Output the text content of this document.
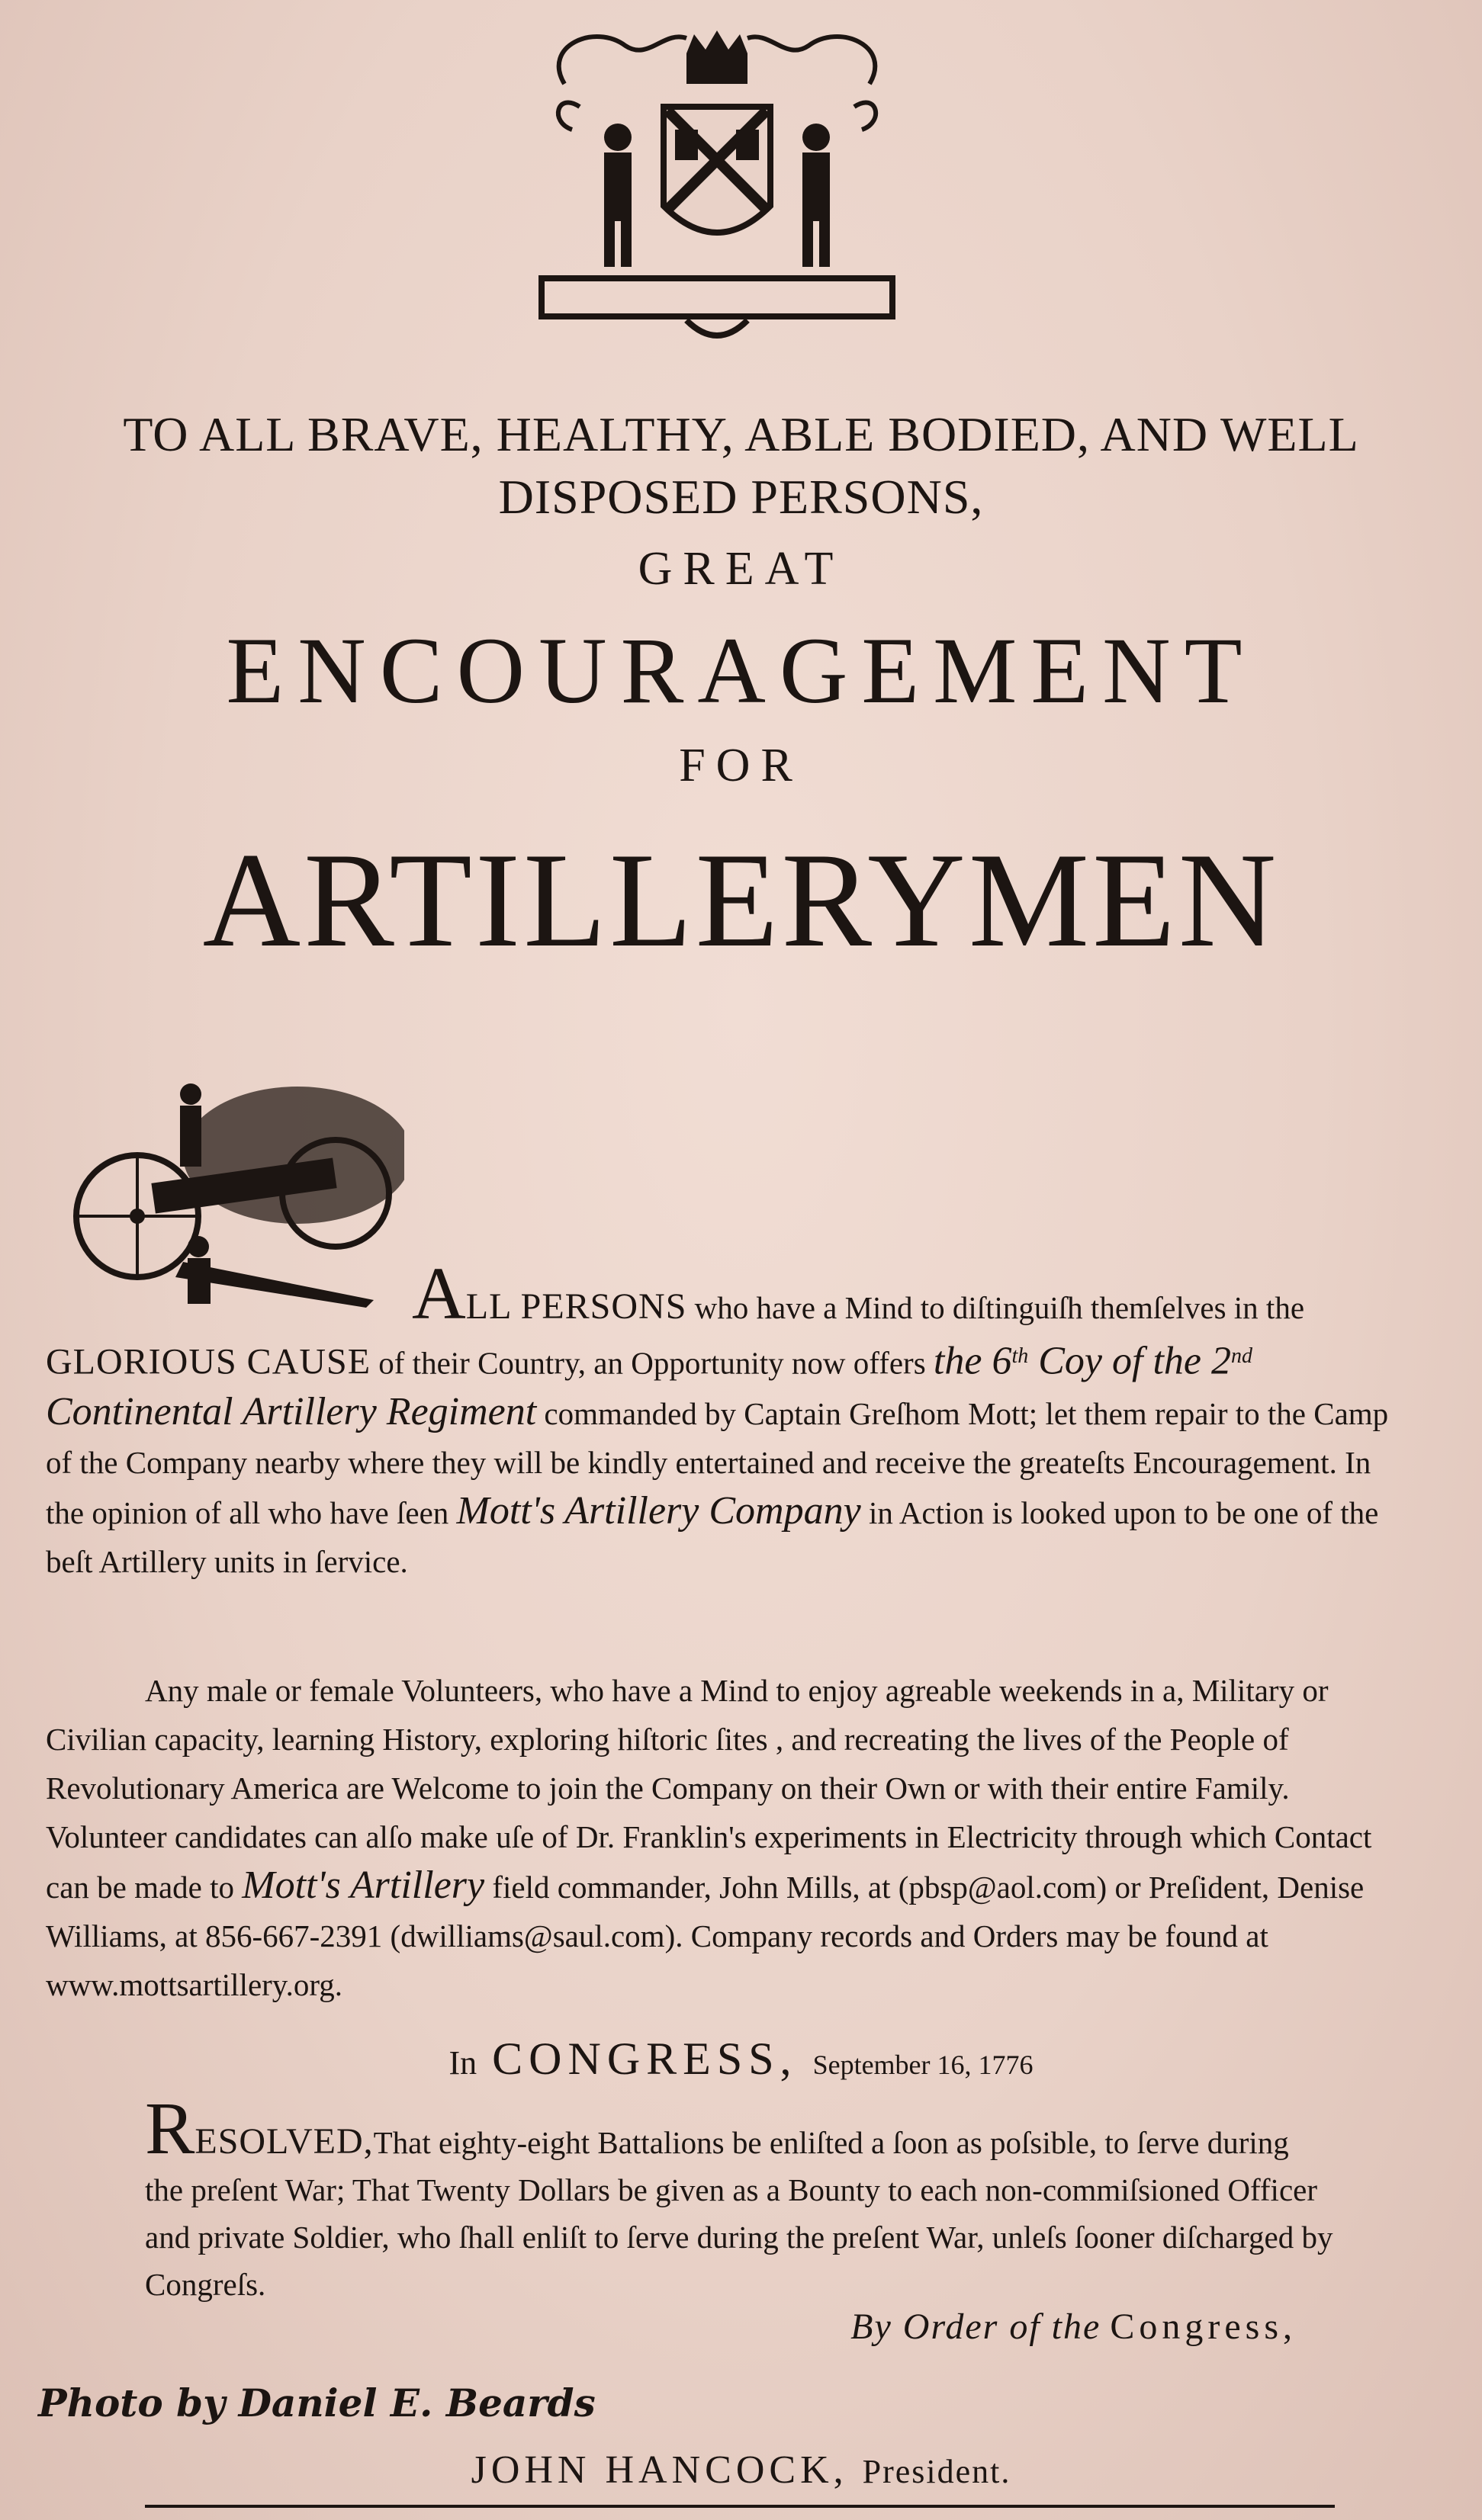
TO ALL BRAVE, HEALTHY, ABLE BODIED, AND WELL
DISPOSED PERSONS,
GREAT
ENCOURAGEMENT
FOR
ARTILLERYMEN
ALL PERSONS who have a Mind to diſtinguiſh themſelves in the GLORIOUS CAUSE of their Country, an Opportunity now offers the 6th Coy of the 2nd Continental Artillery Regiment commanded by Captain Greſhom Mott; let them repair to the Camp of the Company nearby where they will be kindly entertained and receive the greateſts Encouragement. In the opinion of all who have ſeen Mott's Artillery Company in Action is looked upon to be one of the beſt Artillery units in ſervice.
Any male or female Volunteers, who have a Mind to enjoy agreable weekends in a, Military or Civilian capacity, learning History, exploring hiſtoric ſites , and recreating the lives of the People of Revolutionary America are Welcome to join the Company on their Own or with their entire Family. Volunteer candidates can alſo make uſe of Dr. Franklin's experiments in Electricity through which Contact can be made to Mott's Artillery field commander, John Mills, at (pbsp@aol.com) or Preſident, Denise Williams, at 856-667-2391 (dwilliams@saul.com). Company records and Orders may be found at www.mottsartillery.org.
In CONGRESS, September 16, 1776
RESOLVED,That eighty-eight Battalions be enliſted a ſoon as poſsible, to ſerve during the preſent War; That Twenty Dollars be given as a Bounty to each non-commiſsioned Officer and private Soldier, who ſhall enliſt to ſerve during the preſent War, unleſs ſooner diſcharged by Congreſs.
By Order of the Congress,
Photo by Daniel E. Beards
JOHN HANCOCK, President.
